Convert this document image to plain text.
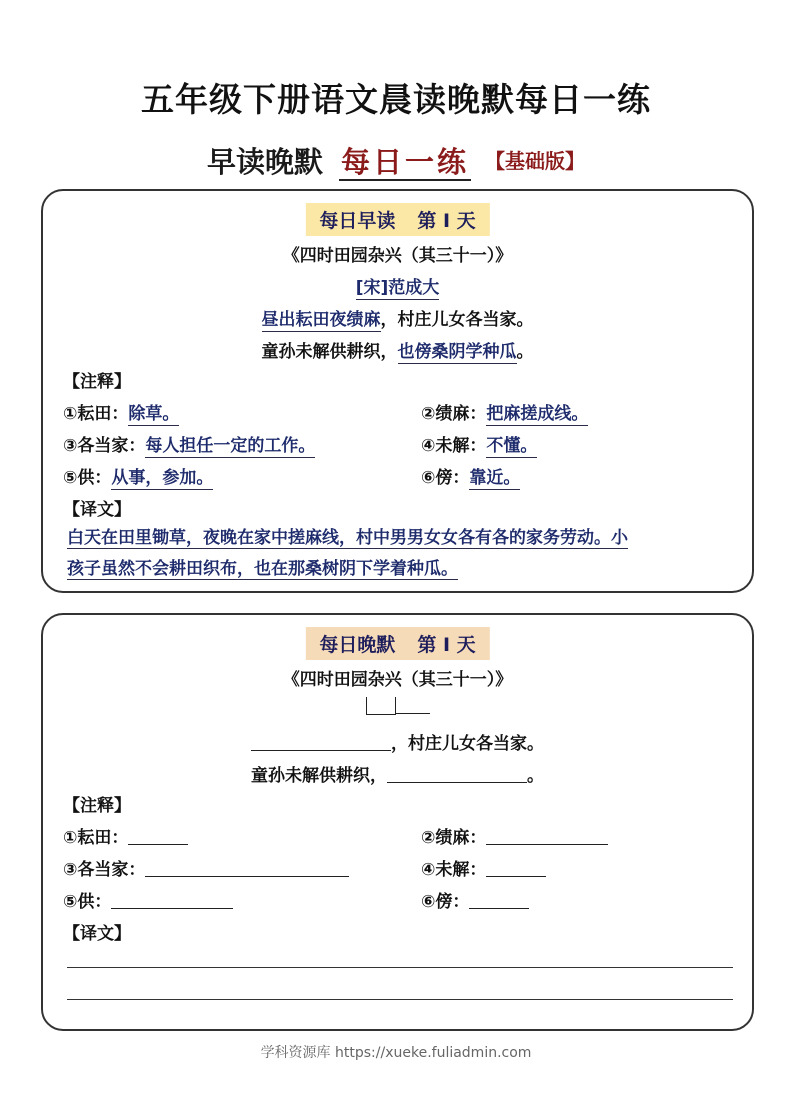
五年级下册语文晨读晚默每日一练
早读晚默 每日一练 【基础版】
每日早读 第 I 天
《四时田园杂兴（其三十一）》
[宋]范成大
昼出耘田夜绩麻，村庄儿女各当家。
童孙未解供耕织，也傍桑阴学种瓜。
【注释】
①耘田：除草。	②绩麻：把麻搓成线。
③各当家：每人担任一定的工作。	④未解：不懂。
⑤供：从事，参加。	⑥傍：靠近。
【译文】
白天在田里锄草，夜晚在家中搓麻线，村中男男女女各有各的家务劳动。小
孩子虽然不会耕田织布，也在那桑树阴下学着种瓜。
每日晚默 第 I 天
《四时田园杂兴（其三十一）》
，村庄儿女各当家。
童孙未解供耕织，	。
【注释】
①耘田：	②绩麻：
③各当家：	④未解：
⑤供：	⑥傍：
【译文】
学科资源库 https://xueke.fuliadmin.com
